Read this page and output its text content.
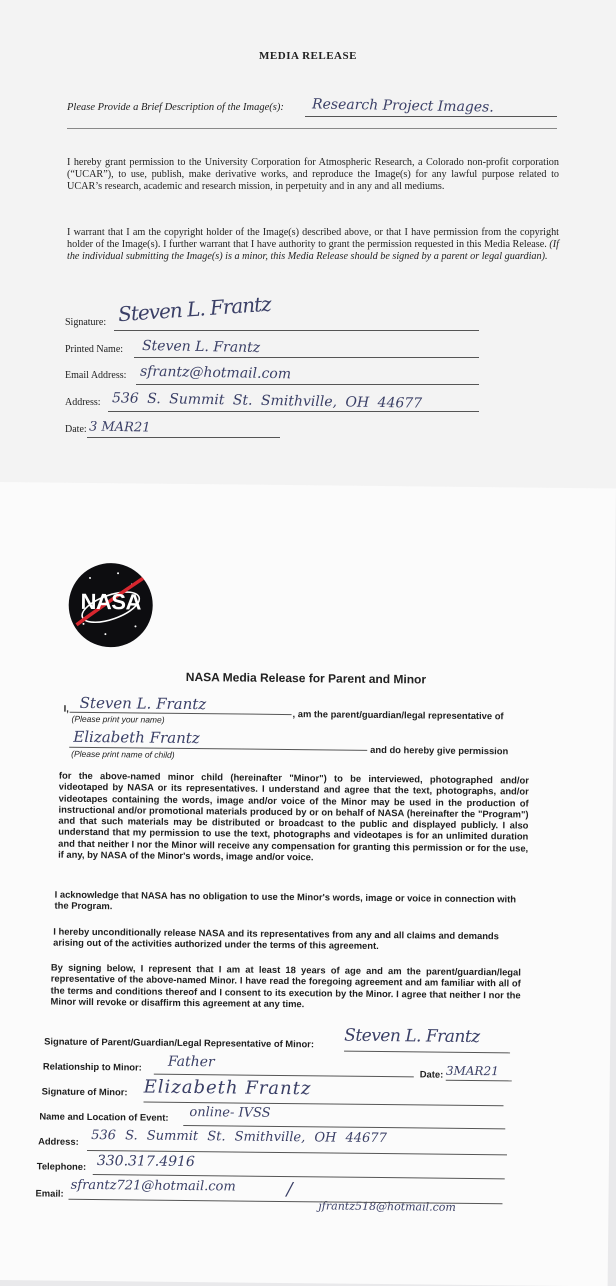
MEDIA RELEASE
Please Provide a Brief Description of the Image(s): Research Project Images.
I hereby grant permission to the University Corporation for Atmospheric Research, a Colorado non-profit corporation (“UCAR”), to use, publish, make derivative works, and reproduce the Image(s) for any lawful purpose related to UCAR’s research, academic and research mission, in perpetuity and in any and all mediums.
I warrant that I am the copyright holder of the Image(s) described above, or that I have permission from the copyright holder of the Image(s). I further warrant that I have authority to grant the permission requested in this Media Release. (If the individual submitting the Image(s) is a minor, this Media Release should be signed by a parent or legal guardian).
Signature: Steven L. Frantz
Printed Name: Steven L. Frantz
Email Address: sfrantz@hotmail.com
Address: 536 S. Summit St. Smithville, OH 44677
Date: 3 MAR21
NASA
NASA Media Release for Parent and Minor
I, Steven L. Frantz
, am the parent/guardian/legal representative of
(Please print your name)
Elizabeth Frantz
and do hereby give permission
(Please print name of child)
for the above-named minor child (hereinafter "Minor") to be interviewed, photographed and/or videotaped by NASA or its representatives. I understand and agree that the text, photographs, and/or videotapes containing the words, image and/or voice of the Minor may be used in the production of instructional and/or promotional materials produced by or on behalf of NASA (hereinafter the "Program") and that such materials may be distributed or broadcast to the public and displayed publicly. I also understand that my permission to use the text, photographs and videotapes is for an unlimited duration and that neither I nor the Minor will receive any compensation for granting this permission or for the use, if any, by NASA of the Minor's words, image and/or voice.
I acknowledge that NASA has no obligation to use the Minor's words, image or voice in connection with the Program.
I hereby unconditionally release NASA and its representatives from any and all claims and demands arising out of the activities authorized under the terms of this agreement.
By signing below, I represent that I am at least 18 years of age and am the parent/guardian/legal representative of the above-named Minor. I have read the foregoing agreement and am familiar with all of the terms and conditions thereof and I consent to its execution by the Minor. I agree that neither I nor the Minor will revoke or disaffirm this agreement at any time.
Signature of Parent/Guardian/Legal Representative of Minor: Steven L. Frantz
Relationship to Minor: Father
Date: 3MAR21
Signature of Minor: Elizabeth Frantz
Name and Location of Event: online- IVSS
Address: 536 S. Summit St. Smithville, OH 44677
Telephone: 330.317.4916
Email: sfrantz721@hotmail.com	/
jfrantz518@hotmail.com
